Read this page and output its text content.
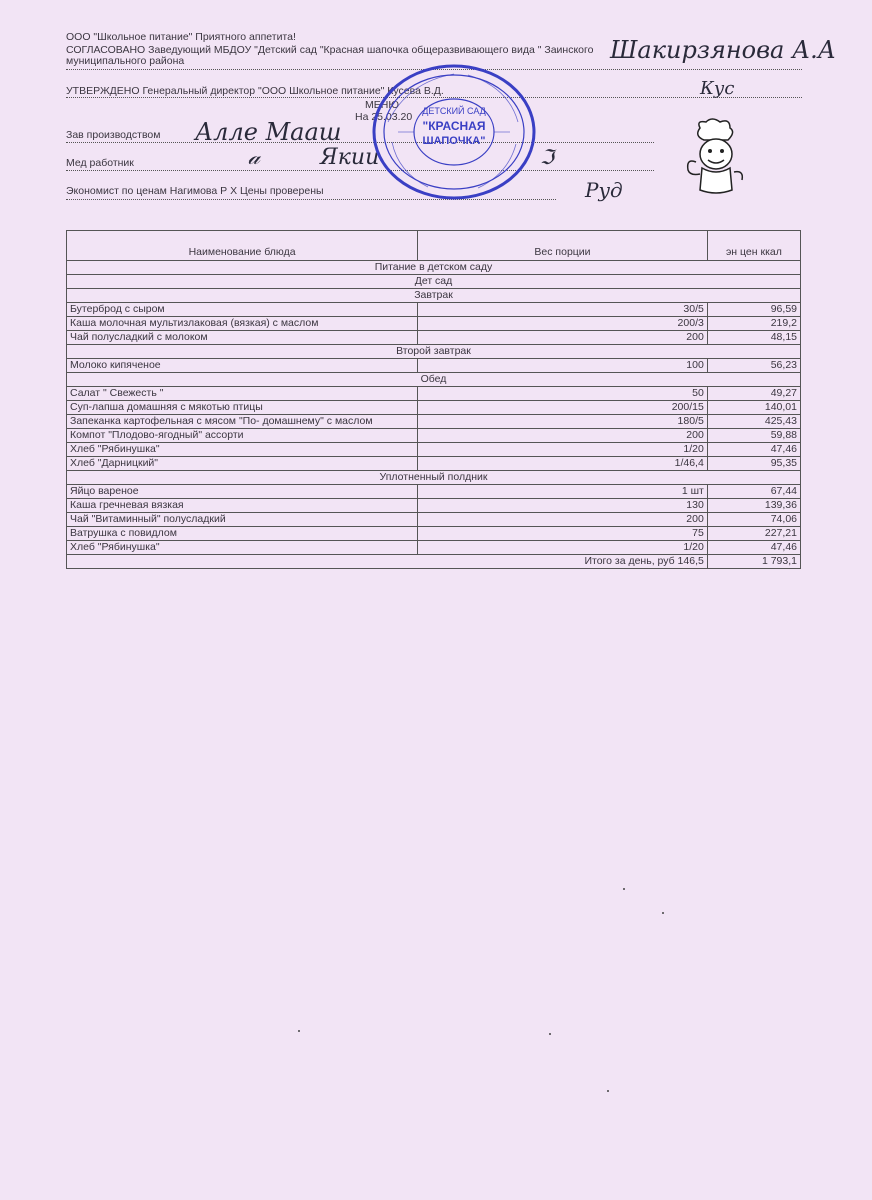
ООО "Школьное питание" Приятного аппетита!
СОГЛАСОВАНО Заведующий МБДОУ "Детский сад "Красная шапочка общеразвивающего вида " Заинского
муниципального района
УТВЕРЖДЕНО Генеральный директор "ООО Школьное питание" Кусева В.Д.
МЕНЮ
На 25.03.20
Зав производством
Мед работник
Экономист по ценам Нагимова Р Х Цены проверены
Шакирзянова А.А
Кус
Алле Мааш
Якии
Руд
𝒶	ℑ
ДЕТСКИЙ САД
"КРАСНАЯ
ШАПОЧКА"
Наименование блюда	Вес порции	эн цен ккал
Питание в детском саду		
Дет сад		
Завтрак		
Бутерброд с сыром	30/5	96,59
Каша молочная мультизлаковая (вязкая) с маслом	200/3	219,2
Чай полусладкий с молоком	200	48,15
Второй завтрак		
Молоко кипяченое	100	56,23
Обед		
Салат " Свежесть "	50	49,27
Суп-лапша домашняя с мякотью птицы	200/15	140,01
Запеканка картофельная с мясом "По- домашнему" с маслом	180/5	425,43
Компот "Плодово-ягодный" ассорти	200	59,88
Хлеб "Рябинушка"	1/20	47,46
Хлеб "Дарницкий"	1/46,4	95,35
Уплотненный полдник		
Яйцо вареное	1 шт	67,44
Каша гречневая вязкая	130	139,36
Чай "Витаминный" полусладкий	200	74,06
Ватрушка с повидлом	75	227,21
Хлеб "Рябинушка"	1/20	47,46
	Итого за день, руб 146,5	1 793,1
